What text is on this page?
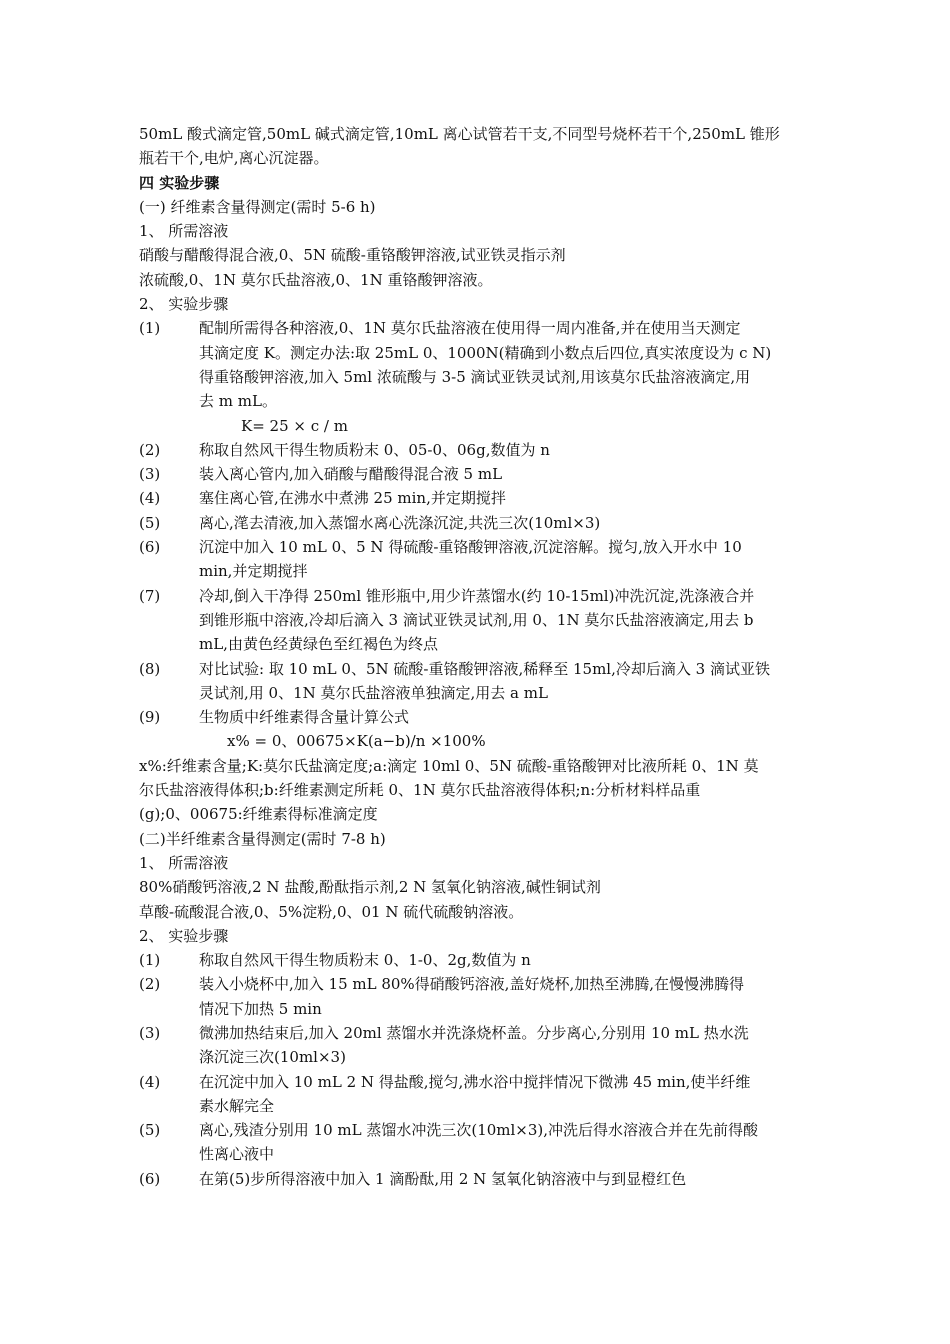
50mL 酸式滴定管,50mL 碱式滴定管,10mL 离心试管若干支,不同型号烧杯若干个,250mL 锥形
瓶若干个,电炉,离心沉淀器。
四 实验步骤
(一) 纤维素含量得测定(需时 5-6 h)
1、 所需溶液
硝酸与醋酸得混合液,0、5N 硫酸-重铬酸钾溶液,试亚铁灵指示剂
浓硫酸,0、1N 莫尔氏盐溶液,0、1N 重铬酸钾溶液。
2、 实验步骤
(1)	配制所需得各种溶液,0、1N 莫尔氏盐溶液在使用得一周内准备,并在使用当天测定
其滴定度 K。测定办法:取 25mL 0、1000N(精确到小数点后四位,真实浓度设为 c N)
得重铬酸钾溶液,加入 5ml 浓硫酸与 3-5 滴试亚铁灵试剂,用该莫尔氏盐溶液滴定,用
去 m mL。
K= 25 × c / m
(2)	称取自然风干得生物质粉末 0、05-0、06g,数值为 n
(3)	装入离心管内,加入硝酸与醋酸得混合液 5 mL
(4)	塞住离心管,在沸水中煮沸 25 min,并定期搅拌
(5)	离心,滗去清液,加入蒸馏水离心洗涤沉淀,共洗三次(10ml×3)
(6)	沉淀中加入 10 mL 0、5 N 得硫酸-重铬酸钾溶液,沉淀溶解。搅匀,放入开水中 10
min,并定期搅拌
(7)	冷却,倒入干净得 250ml 锥形瓶中,用少许蒸馏水(约 10-15ml)冲洗沉淀,洗涤液合并
到锥形瓶中溶液,冷却后滴入 3 滴试亚铁灵试剂,用 0、1N 莫尔氏盐溶液滴定,用去 b
mL,由黄色经黄绿色至红褐色为终点
(8)	对比试验: 取 10 mL 0、5N 硫酸-重铬酸钾溶液,稀释至 15ml,冷却后滴入 3 滴试亚铁
灵试剂,用 0、1N 莫尔氏盐溶液单独滴定,用去 a mL
(9)	生物质中纤维素得含量计算公式
x% = 0、00675×K(a−b)/n ×100%
x%:纤维素含量;K:莫尔氏盐滴定度;a:滴定 10ml 0、5N 硫酸-重铬酸钾对比液所耗 0、1N 莫
尔氏盐溶液得体积;b:纤维素测定所耗 0、1N 莫尔氏盐溶液得体积;n:分析材料样品重
(g);0、00675:纤维素得标准滴定度
(二)半纤维素含量得测定(需时 7-8 h)
1、 所需溶液
80%硝酸钙溶液,2 N 盐酸,酚酞指示剂,2 N 氢氧化钠溶液,碱性铜试剂
草酸-硫酸混合液,0、5%淀粉,0、01 N 硫代硫酸钠溶液。
2、 实验步骤
(1)	称取自然风干得生物质粉末 0、1-0、2g,数值为 n
(2)	装入小烧杯中,加入 15 mL 80%得硝酸钙溶液,盖好烧杯,加热至沸腾,在慢慢沸腾得
情况下加热 5 min
(3)	微沸加热结束后,加入 20ml 蒸馏水并洗涤烧杯盖。分步离心,分别用 10 mL 热水洗
涤沉淀三次(10ml×3)
(4)	在沉淀中加入 10 mL 2 N 得盐酸,搅匀,沸水浴中搅拌情况下微沸 45 min,使半纤维
素水解完全
(5)	离心,残渣分别用 10 mL 蒸馏水冲洗三次(10ml×3),冲洗后得水溶液合并在先前得酸
性离心液中
(6)	在第(5)步所得溶液中加入 1 滴酚酞,用 2 N 氢氧化钠溶液中与到显橙红色
